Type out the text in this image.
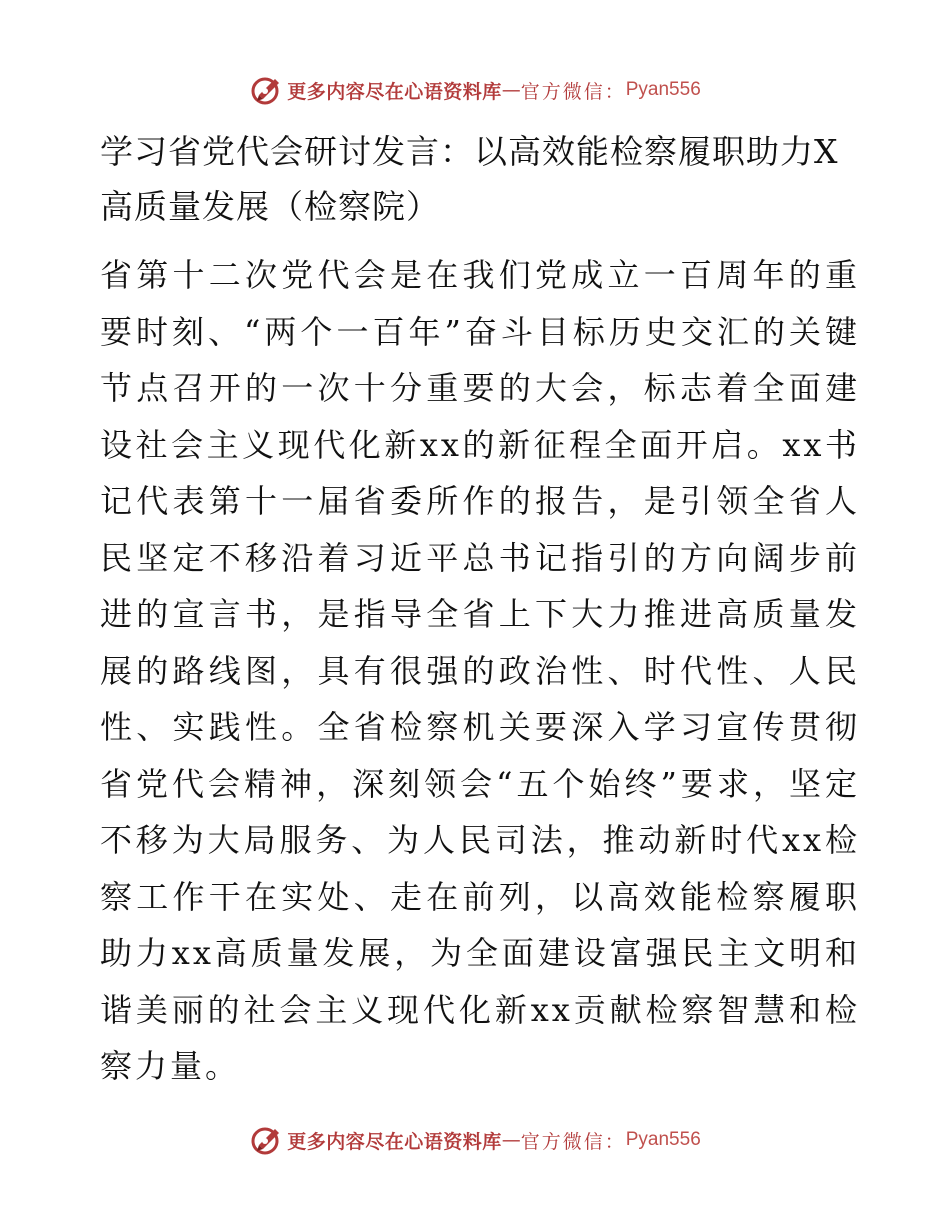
更多内容尽在心语资料库 — 官方微信： Pyan556
学习省党代会研讨发言：以高效能检察履职助力X高质量发展（检察院）

省第十二次党代会是在我们党成立一百周年的重要时刻、“两个一百年”奋斗目标历史交汇的关键节点召开的一次十分重要的大会，标志着全面建设社会主义现代化新xx的新征程全面开启。xx书记代表第十一届省委所作的报告，是引领全省人民坚定不移沿着习近平总书记指引的方向阔步前进的宣言书，是指导全省上下大力推进高质量发展的路线图，具有很强的政治性、时代性、人民性、实践性。全省检察机关要深入学习宣传贯彻省党代会精神，深刻领会“五个始终”要求，坚定不移为大局服务、为人民司法，推动新时代xx检察工作干在实处、走在前列，以高效能检察履职助力xx高质量发展，为全面建设富强民主文明和谐美丽的社会主义现代化新xx贡献检察智慧和检察力量。

更多内容尽在心语资料库 — 官方微信： Pyan556
